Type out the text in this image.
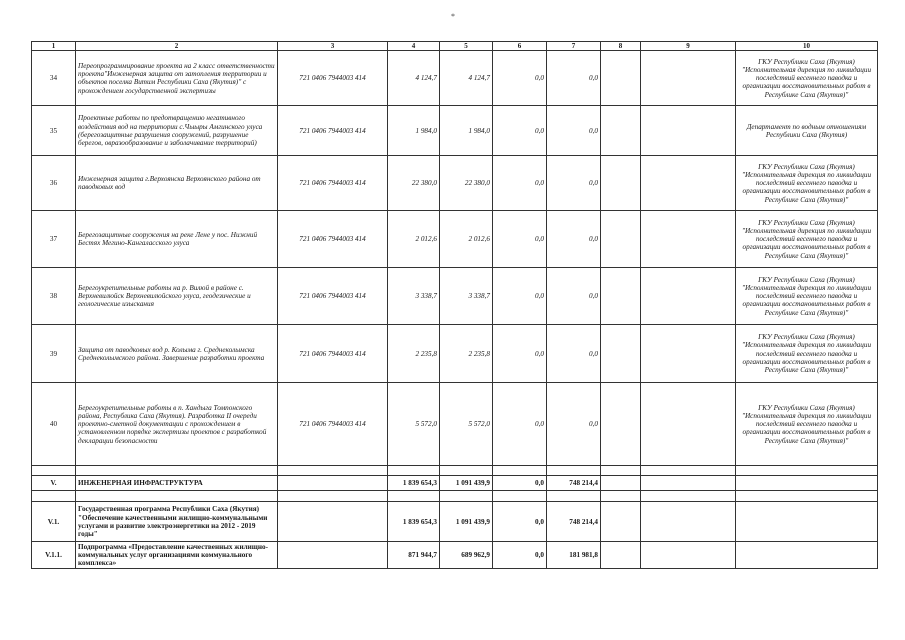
*
1	2	3	4	5	6	7	8	9	10
34	Переопрограммирование проекта на 2 класс ответственности проекта"Инженерная защита от затопления территории и объектов поселка Витим Республики Саха (Якутия)" с прохождением государственной экспертизы	721 0406 7944003 414	4 124,7	4 124,7	0,0	0,0			ГКУ Республики Саха (Якутия) "Исполнительная дирекция по ликвидации последствий весеннего паводка и организации восстановительных работ в Республике Саха (Якутия)"
35	Проектные работы по предотвращению негативного воздействия вод на территории с.Чыыры Амгинского улуса (берегозащитные разрушения сооружений, разрушение берегов, овразообразование и заболачивание территорий)	721 0406 7944003 414	1 984,0	1 984,0	0,0	0,0			Департамент по водным отношениям Республики Саха (Якутия)
36	Инженерная защита г.Верхоянска Верхоянского района от паводковых вод	721 0406 7944003 414	22 380,0	22 380,0	0,0	0,0			ГКУ Республики Саха (Якутия) "Исполнительная дирекция по ликвидации последствий весеннего паводка и организации восстановительных работ в Республике Саха (Якутия)"
37	Берегозащитные сооружения на реке Лене у пос. Нижний Бестях Мегино-Кангаласского улуса	721 0406 7944003 414	2 012,6	2 012,6	0,0	0,0			ГКУ Республики Саха (Якутия) "Исполнительная дирекция по ликвидации последствий весеннего паводка и организации восстановительных работ в Республике Саха (Якутия)"
38	Берегоукрепительные работы на р. Вилюй в районе с. Верхневилюйск Верхневилюйского улуса, геодезические и геологические изыскания	721 0406 7944003 414	3 338,7	3 338,7	0,0	0,0			ГКУ Республики Саха (Якутия) "Исполнительная дирекция по ликвидации последствий весеннего паводка и организации восстановительных работ в Республике Саха (Якутия)"
39	Защита от паводковых вод р. Колыма г. Среднеколымска Среднеколымского района. Завершение разработки проекта	721 0406 7944003 414	2 235,8	2 235,8	0,0	0,0			ГКУ Республики Саха (Якутия) "Исполнительная дирекция по ликвидации последствий весеннего паводка и организации восстановительных работ в Республике Саха (Якутия)"
40	Берегоукрепительные работы в п. Хандыга Томпонского района, Республика Саха (Якутия). Разработка II очереди проектно-сметной документации с прохождением в установленном порядке экспертизы проектов с разработкой декларации безопасности	721 0406 7944003 414	5 572,0	5 572,0	0,0	0,0			ГКУ Республики Саха (Якутия) "Исполнительная дирекция по ликвидации последствий весеннего паводка и организации восстановительных работ в Республике Саха (Якутия)"

V.	ИНЖЕНЕРНАЯ ИНФРАСТРУКТУРА		1 839 654,3	1 091 439,9	0,0	748 214,4			

V.1.	Государственная программа Республики Саха (Якутия) "Обеспечение качественными жилищно-коммунальными услугами и развитие электроэнергетики на 2012 - 2019 годы"		1 839 654,3	1 091 439,9	0,0	748 214,4			
V.1.1.	Подпрограмма «Предоставление качественных жилищно-коммунальных услуг организациями коммунального комплекса»		871 944,7	689 962,9	0,0	181 981,8			
